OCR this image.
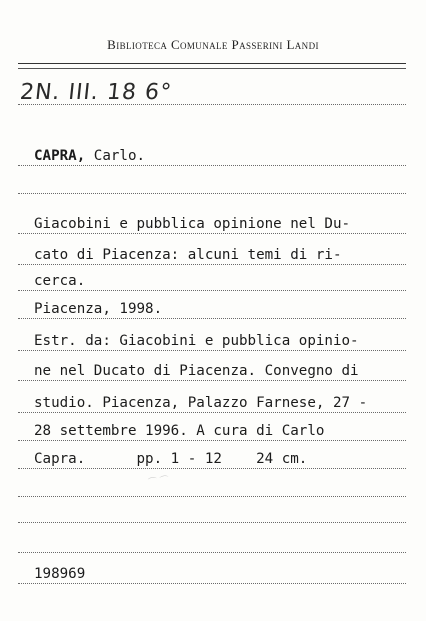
Biblioteca Comunale Passerini Landi
2N. III. 18 6°
CAPRA, Carlo.
Giacobini e pubblica opinione nel Du-
cato di Piacenza: alcuni temi di ri-
cerca.
Piacenza, 1998.
Estr. da: Giacobini e pubblica opinio-
ne nel Ducato di Piacenza. Convegno di
studio. Piacenza, Palazzo Farnese, 27 -
28 settembre 1996. A cura di Carlo
Capra.      pp. 1 - 12    24 cm.
⌒ ⌒
198969
